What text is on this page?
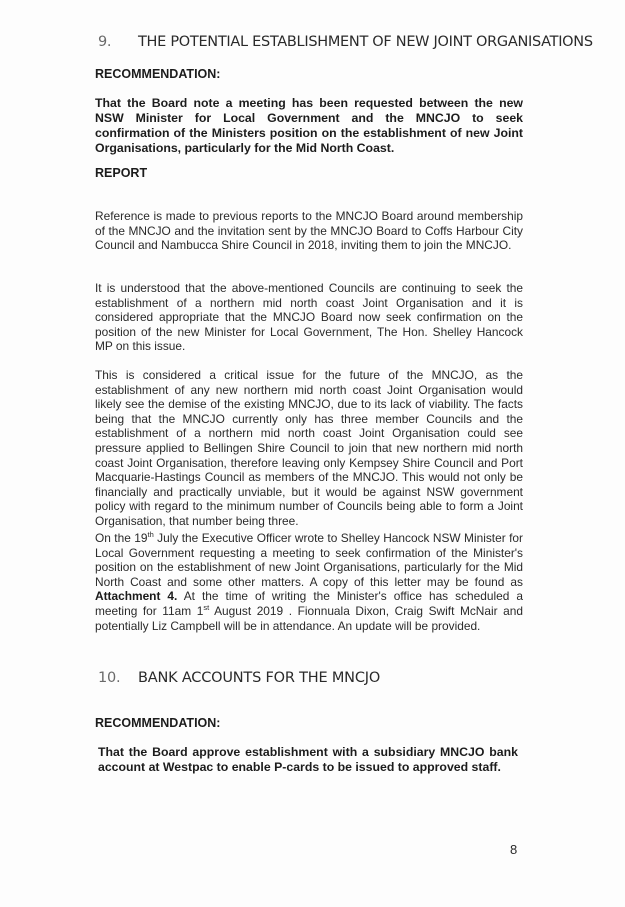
9. THE POTENTIAL ESTABLISHMENT OF NEW JOINT ORGANISATIONS
RECOMMENDATION:
That the Board note a meeting has been requested between the new NSW Minister for Local Government and the MNCJO to seek confirmation of the Ministers position on the establishment of new Joint Organisations, particularly for the Mid North Coast.
REPORT
Reference is made to previous reports to the MNCJO Board around membership of the MNCJO and the invitation sent by the MNCJO Board to Coffs Harbour City Council and Nambucca Shire Council in 2018, inviting them to join the MNCJO.
It is understood that the above-mentioned Councils are continuing to seek the establishment of a northern mid north coast Joint Organisation and it is considered appropriate that the MNCJO Board now seek confirmation on the position of the new Minister for Local Government, The Hon. Shelley Hancock MP on this issue.
This is considered a critical issue for the future of the MNCJO, as the establishment of any new northern mid north coast Joint Organisation would likely see the demise of the existing MNCJO, due to its lack of viability. The facts being that the MNCJO currently only has three member Councils and the establishment of a northern mid north coast Joint Organisation could see pressure applied to Bellingen Shire Council to join that new northern mid north coast Joint Organisation, therefore leaving only Kempsey Shire Council and Port Macquarie-Hastings Council as members of the MNCJO. This would not only be financially and practically unviable, but it would be against NSW government policy with regard to the minimum number of Councils being able to form a Joint Organisation, that number being three.
On the 19th July the Executive Officer wrote to Shelley Hancock NSW Minister for Local Government requesting a meeting to seek confirmation of the Minister's position on the establishment of new Joint Organisations, particularly for the Mid North Coast and some other matters. A copy of this letter may be found as Attachment 4. At the time of writing the Minister's office has scheduled a meeting for 11am 1st August 2019 . Fionnuala Dixon, Craig Swift McNair and potentially Liz Campbell will be in attendance. An update will be provided.
10. BANK ACCOUNTS FOR THE MNCJO
RECOMMENDATION:
That the Board approve establishment with a subsidiary MNCJO bank account at Westpac to enable P-cards to be issued to approved staff.
8
